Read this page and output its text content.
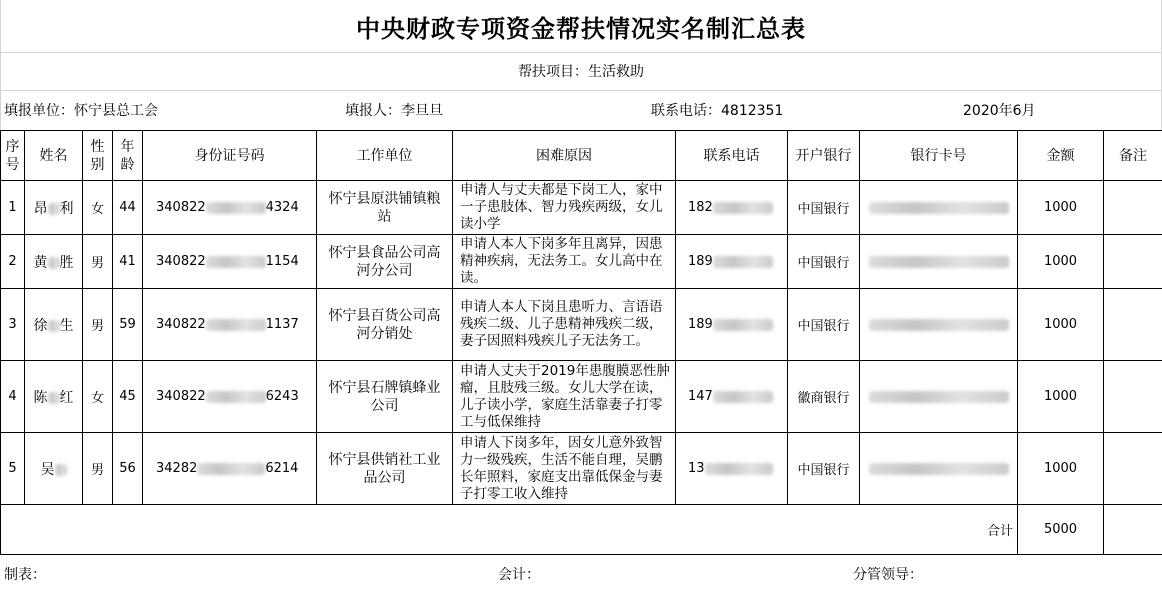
中央财政专项资金帮扶情况实名制汇总表
帮扶项目：生活救助
填报单位：怀宁县总工会	填报人：李旦旦	联系电话：4812351	2020年6月
序号	姓名	性别	年龄	身份证号码	工作单位	困难原因	联系电话	开户银行	银行卡号	金额	备注
1	昂 利	女	44	340822 4324	怀宁县原洪铺镇粮站	申请人与丈夫都是下岗工人，家中一子患肢体、智力残疾两级，女儿读小学	182	中国银行		1000	
2	黄 胜	男	41	340822 1154	怀宁县食品公司高河分公司	申请人本人下岗多年且离异，因患精神疾病，无法务工。女儿高中在读。	189	中国银行		1000	
3	徐 生	男	59	340822 1137	怀宁县百货公司高河分销处	申请人本人下岗且患听力、言语语残疾二级、儿子患精神残疾二级，妻子因照料残疾儿子无法务工。	189	中国银行		1000	
4	陈 红	女	45	340822 6243	怀宁县石牌镇蜂业公司	申请人丈夫于2019年患腹膜恶性肿瘤，且肢残三级。女儿大学在读，儿子读小学，家庭生活靠妻子打零工与低保维持	147	徽商银行		1000	
5	吴	男	56	34282 6214	怀宁县供销社工业品公司	申请人下岗多年，因女儿意外致智力一级残疾，生活不能自理，吴鹏长年照料，家庭支出靠低保金与妻子打零工收入维持	13	中国银行		1000	
合计										5000	
制表：	会计：	分管领导：
